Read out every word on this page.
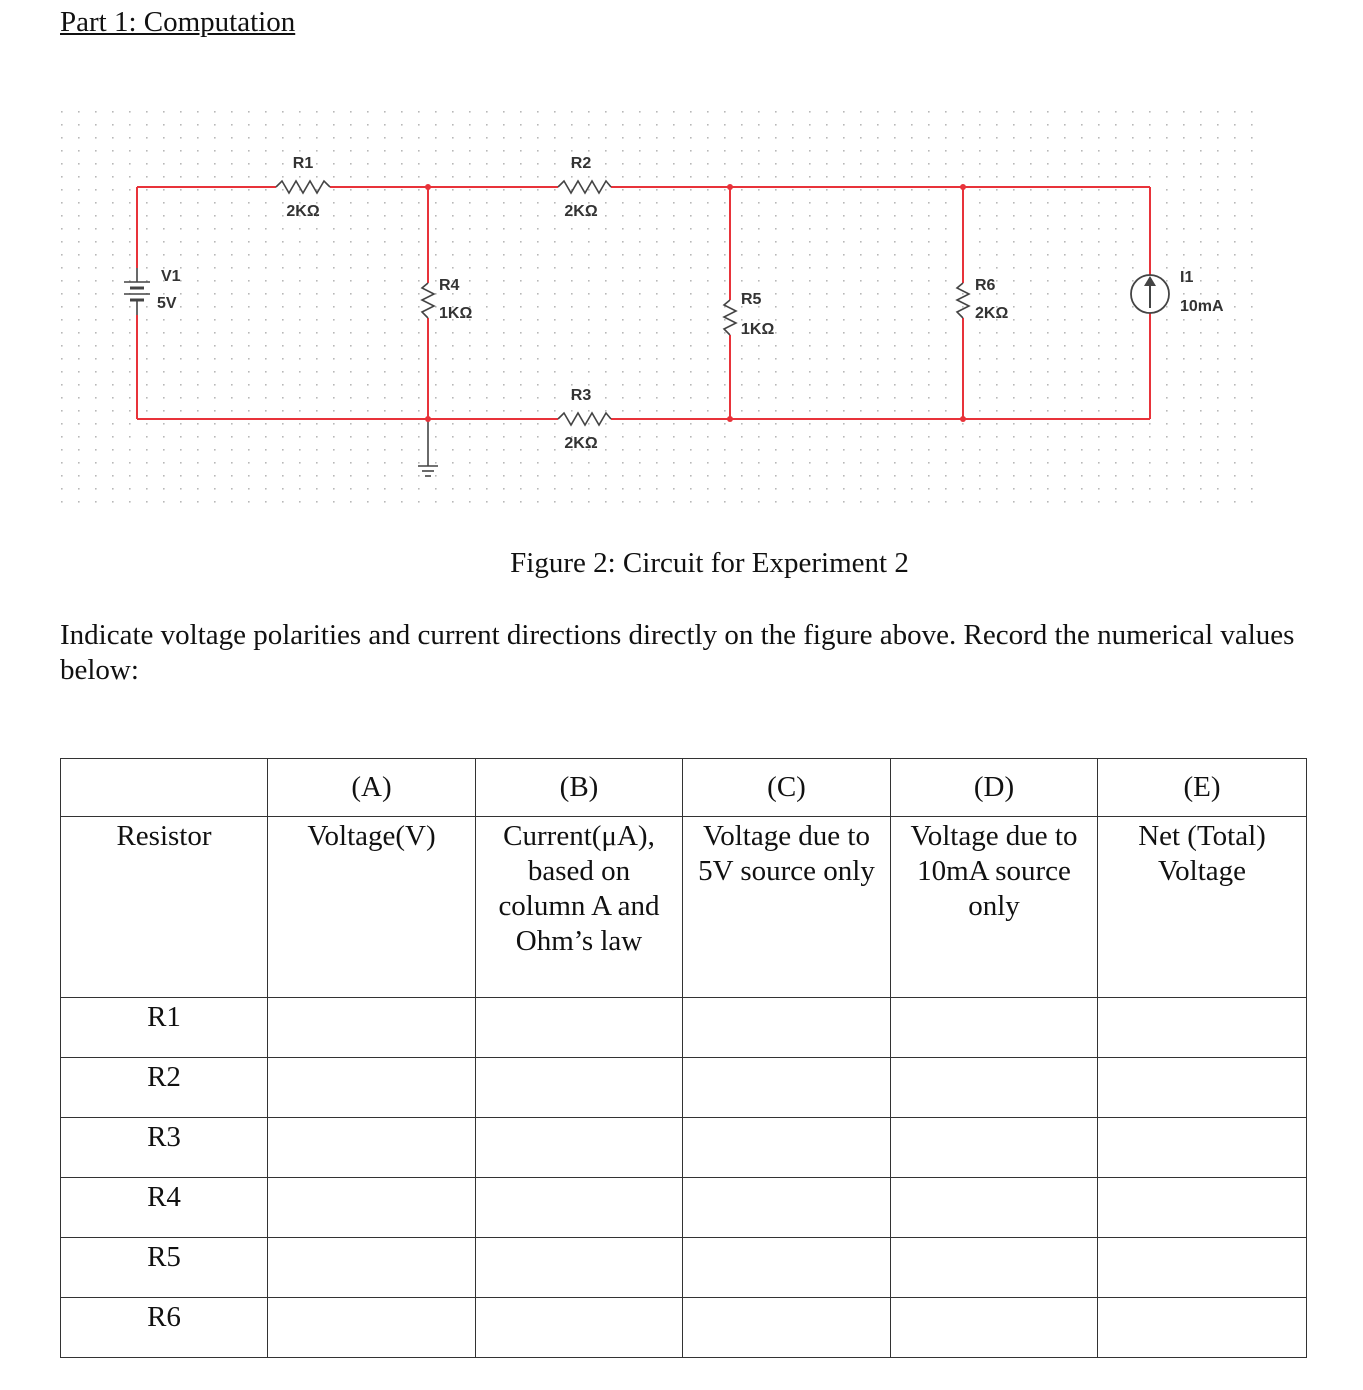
Part 1: Computation
R1
2KΩ
R2
2KΩ
R3
2KΩ
R4
1KΩ
R5
1KΩ
R6
2KΩ
V1
5V
I1
10mA
Figure 2: Circuit for Experiment 2
Indicate voltage polarities and current directions directly on the figure above. Record the numerical values below:
	(A)	(B)	(C)	(D)	(E)
Resistor	Voltage(V)	Current(μA), based on column A and Ohm’s law	Voltage due to 5V source only	Voltage due to 10mA source only	Net (Total) Voltage
R1					
R2					
R3					
R4					
R5					
R6					
